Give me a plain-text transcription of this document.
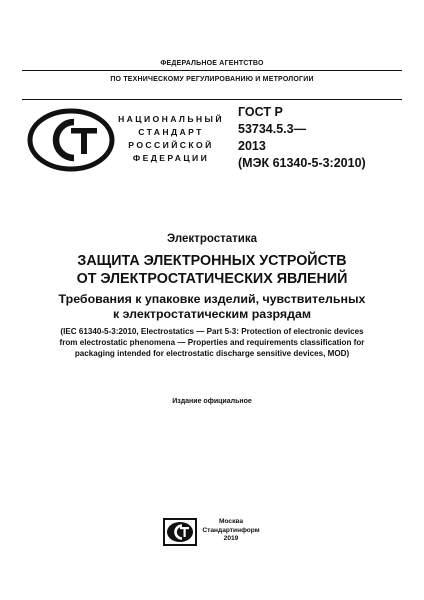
ФЕДЕРАЛЬНОЕ АГЕНТСТВО
ПО ТЕХНИЧЕСКОМУ РЕГУЛИРОВАНИЮ И МЕТРОЛОГИИ
НАЦИОНАЛЬНЫЙ
СТАНДАРТ
РОССИЙСКОЙ
ФЕДЕРАЦИИ
ГОСТ Р
53734.5.3—
2013
(МЭК 61340-5-3:2010)
Электростатика
ЗАЩИТА ЭЛЕКТРОННЫХ УСТРОЙСТВ
ОТ ЭЛЕКТРОСТАТИЧЕСКИХ ЯВЛЕНИЙ
Требования к упаковке изделий, чувствительных
к электростатическим разрядам
(IEC 61340-5-3:2010, Electrostatics — Part 5-3: Protection of electronic devices
from electrostatic phenomena — Properties and requirements classification for
packaging intended for electrostatic discharge sensitive devices, MOD)
Издание официальное
Москва
Стандартинформ
2019
